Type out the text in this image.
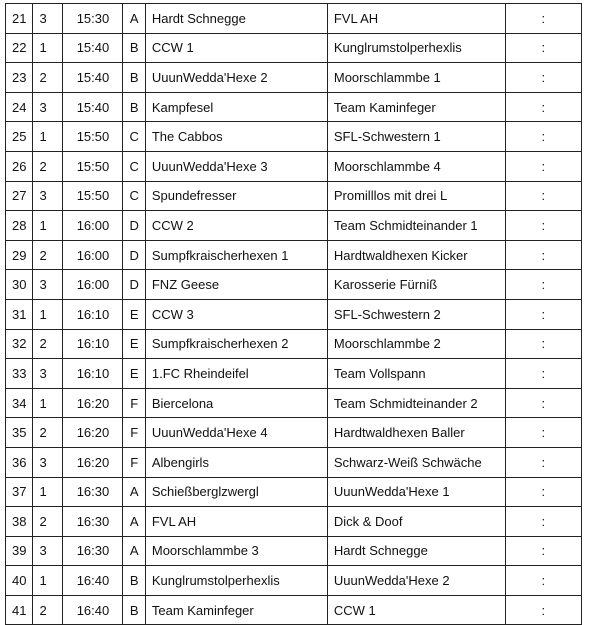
21	3	15:30	A	Hardt Schnegge	FVL AH	:
22	1	15:40	B	CCW 1	Kunglrumstolperhexlis	:
23	2	15:40	B	UuunWedda'Hexe 2	Moorschlammbe 1	:
24	3	15:40	B	Kampfesel	Team Kaminfeger	:
25	1	15:50	C	The Cabbos	SFL-Schwestern 1	:
26	2	15:50	C	UuunWedda'Hexe 3	Moorschlammbe 4	:
27	3	15:50	C	Spundefresser	Promilllos mit drei L	:
28	1	16:00	D	CCW 2	Team Schmidteinander 1	:
29	2	16:00	D	Sumpfkraischerhexen 1	Hardtwaldhexen Kicker	:
30	3	16:00	D	FNZ Geese	Karosserie Fürniß	:
31	1	16:10	E	CCW 3	SFL-Schwestern 2	:
32	2	16:10	E	Sumpfkraischerhexen 2	Moorschlammbe 2	:
33	3	16:10	E	1.FC Rheindeifel	Team Vollspann	:
34	1	16:20	F	Biercelona	Team Schmidteinander 2	:
35	2	16:20	F	UuunWedda'Hexe 4	Hardtwaldhexen Baller	:
36	3	16:20	F	Albengirls	Schwarz-Weiß Schwäche	:
37	1	16:30	A	Schießberglzwergl	UuunWedda'Hexe 1	:
38	2	16:30	A	FVL AH	Dick & Doof	:
39	3	16:30	A	Moorschlammbe 3	Hardt Schnegge	:
40	1	16:40	B	Kunglrumstolperhexlis	UuunWedda'Hexe 2	:
41	2	16:40	B	Team Kaminfeger	CCW 1	:
